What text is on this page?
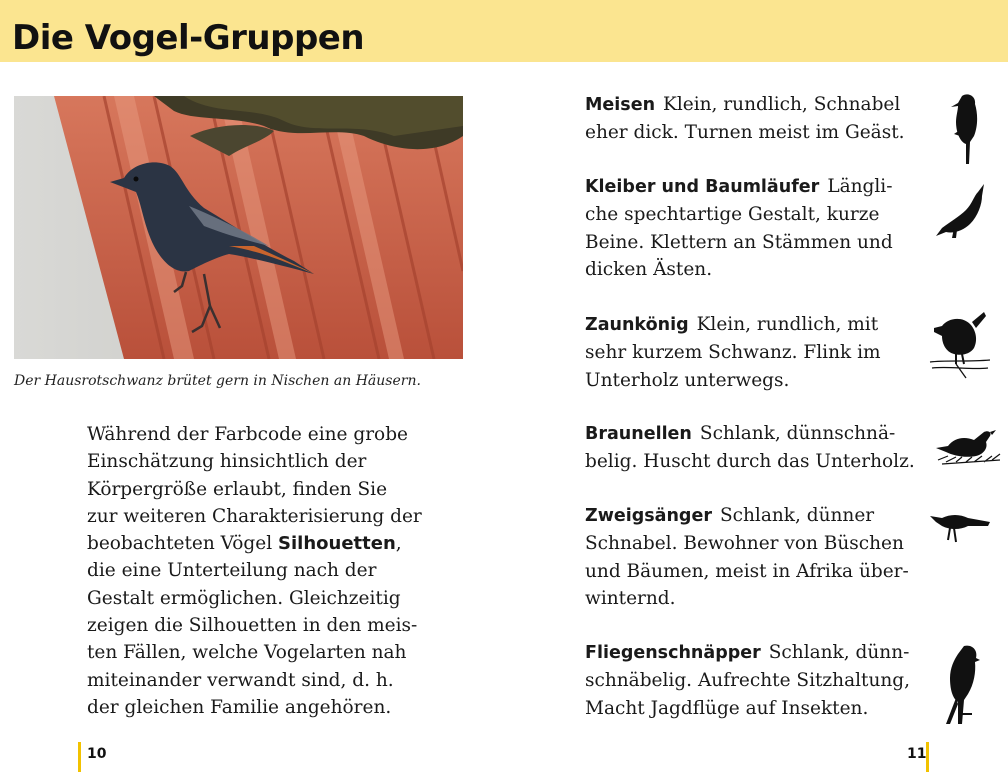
Die Vogel-Gruppen
Der Hausrotschwanz brütet gern in Nischen an Häusern.
Während der Farbcode eine grobe
Einschätzung hinsichtlich der
Körpergröße erlaubt, finden Sie
zur weiteren Charakterisierung der
beobachteten Vögel Silhouetten,
die eine Unterteilung nach der
Gestalt ermöglichen. Gleichzeitig
zeigen die Silhouetten in den meis-
ten Fällen, welche Vogelarten nah
miteinander verwandt sind, d. h.
der gleichen Familie angehören.
Meisen Klein, rundlich, Schnabel
eher dick. Turnen meist im Geäst.
Kleiber und Baumläufer Längli-
che spechtartige Gestalt, kurze
Beine. Klettern an Stämmen und
dicken Ästen.
Zaunkönig Klein, rundlich, mit
sehr kurzem Schwanz. Flink im
Unterholz unterwegs.
Braunellen Schlank, dünnschnä-
belig. Huscht durch das Unterholz.
Zweigsänger Schlank, dünner
Schnabel. Bewohner von Büschen
und Bäumen, meist in Afrika über-
winternd.
Fliegenschnäpper Schlank, dünn-
schnäbelig. Aufrechte Sitzhaltung,
Macht Jagdflüge auf Insekten.
10	11
